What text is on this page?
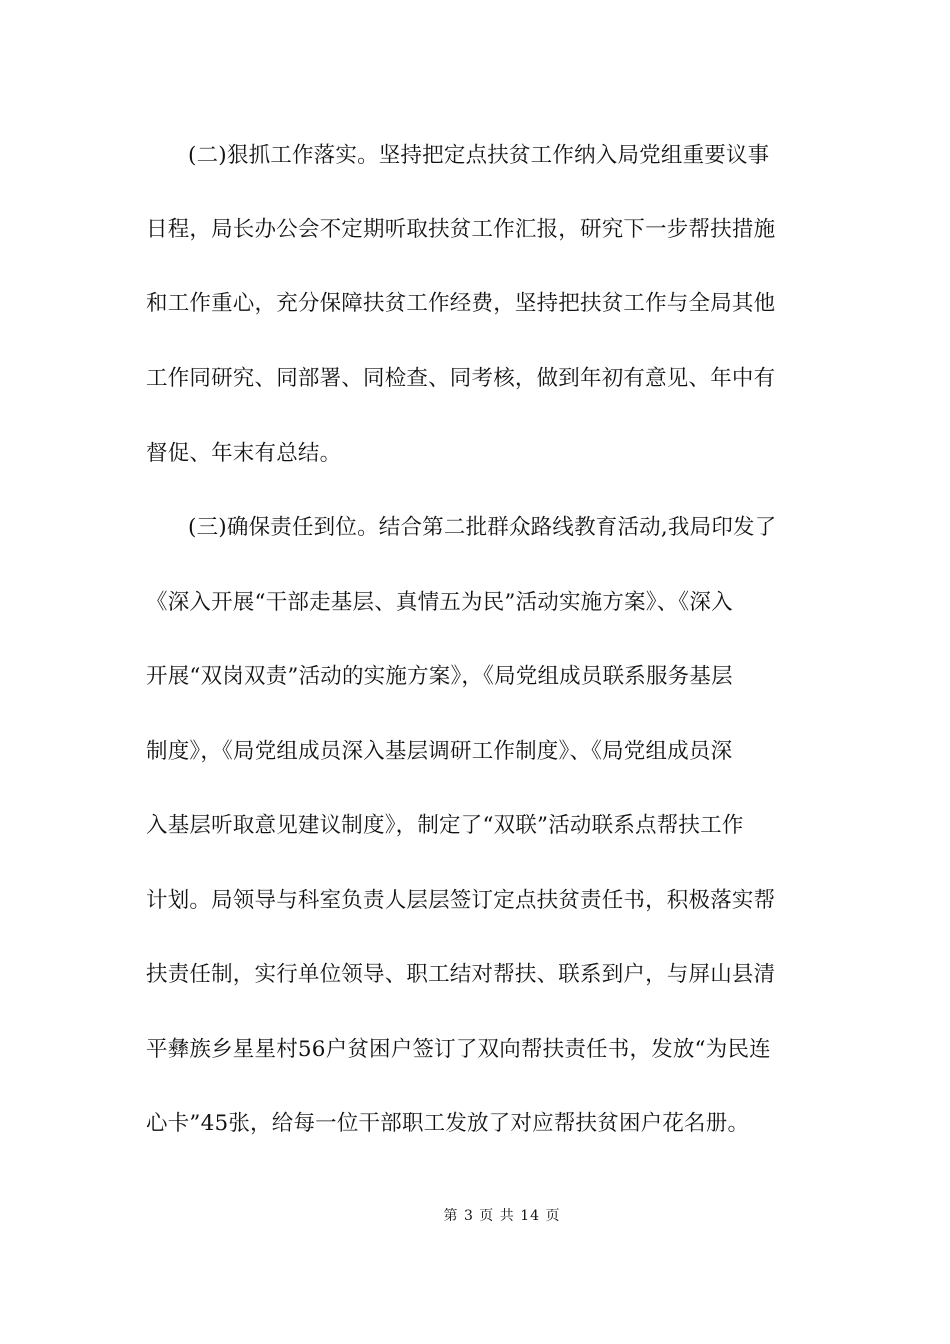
(二)狠抓工作落实。坚持把定点扶贫工作纳入局党组重要议事
日程，局长办公会不定期听取扶贫工作汇报，研究下一步帮扶措施
和工作重心，充分保障扶贫工作经费，坚持把扶贫工作与全局其他
工作同研究、同部署、同检查、同考核，做到年初有意见、年中有
督促、年末有总结。
(三)确保责任到位。结合第二批群众路线教育活动,我局印发了
《深入开展“干部走基层、真情五为民”活动实施方案》、《深入
开展“双岗双责”活动的实施方案》，《局党组成员联系服务基层
制度》，《局党组成员深入基层调研工作制度》、《局党组成员深
入基层听取意见建议制度》，制定了“双联”活动联系点帮扶工作
计划。局领导与科室负责人层层签订定点扶贫责任书，积极落实帮
扶责任制，实行单位领导、职工结对帮扶、联系到户，与屏山县清
平彝族乡星星村56户贫困户签订了双向帮扶责任书，发放“为民连
心卡”45张，给每一位干部职工发放了对应帮扶贫困户花名册。
第 3 页 共 14 页
